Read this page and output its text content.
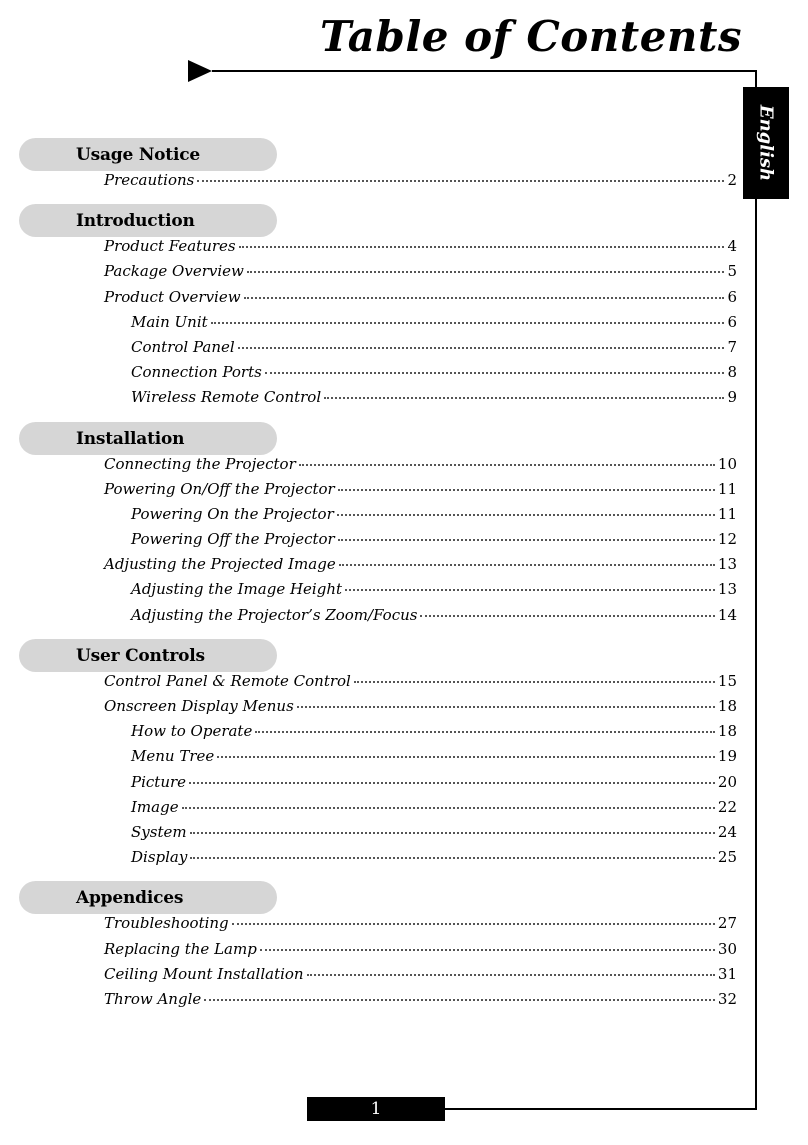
Table of Contents
English
Usage Notice
Precautions	2
Introduction
Product Features	4
Package Overview	5
Product Overview	6
Main Unit	6
Control Panel	7
Connection Ports	8
Wireless Remote Control	9
Installation
Connecting the Projector	10
Powering On/Off the Projector	11
Powering On the Projector	11
Powering Off the Projector	12
Adjusting the Projected Image	13
Adjusting the Image Height	13
Adjusting the Projector’s Zoom/Focus	14
User Controls
Control Panel & Remote Control	15
Onscreen Display Menus	18
How to Operate	18
Menu Tree	19
Picture	20
Image	22
System	24
Display	25
Appendices
Troubleshooting	27
Replacing the Lamp	30
Ceiling Mount Installation	31
Throw Angle	32
1
